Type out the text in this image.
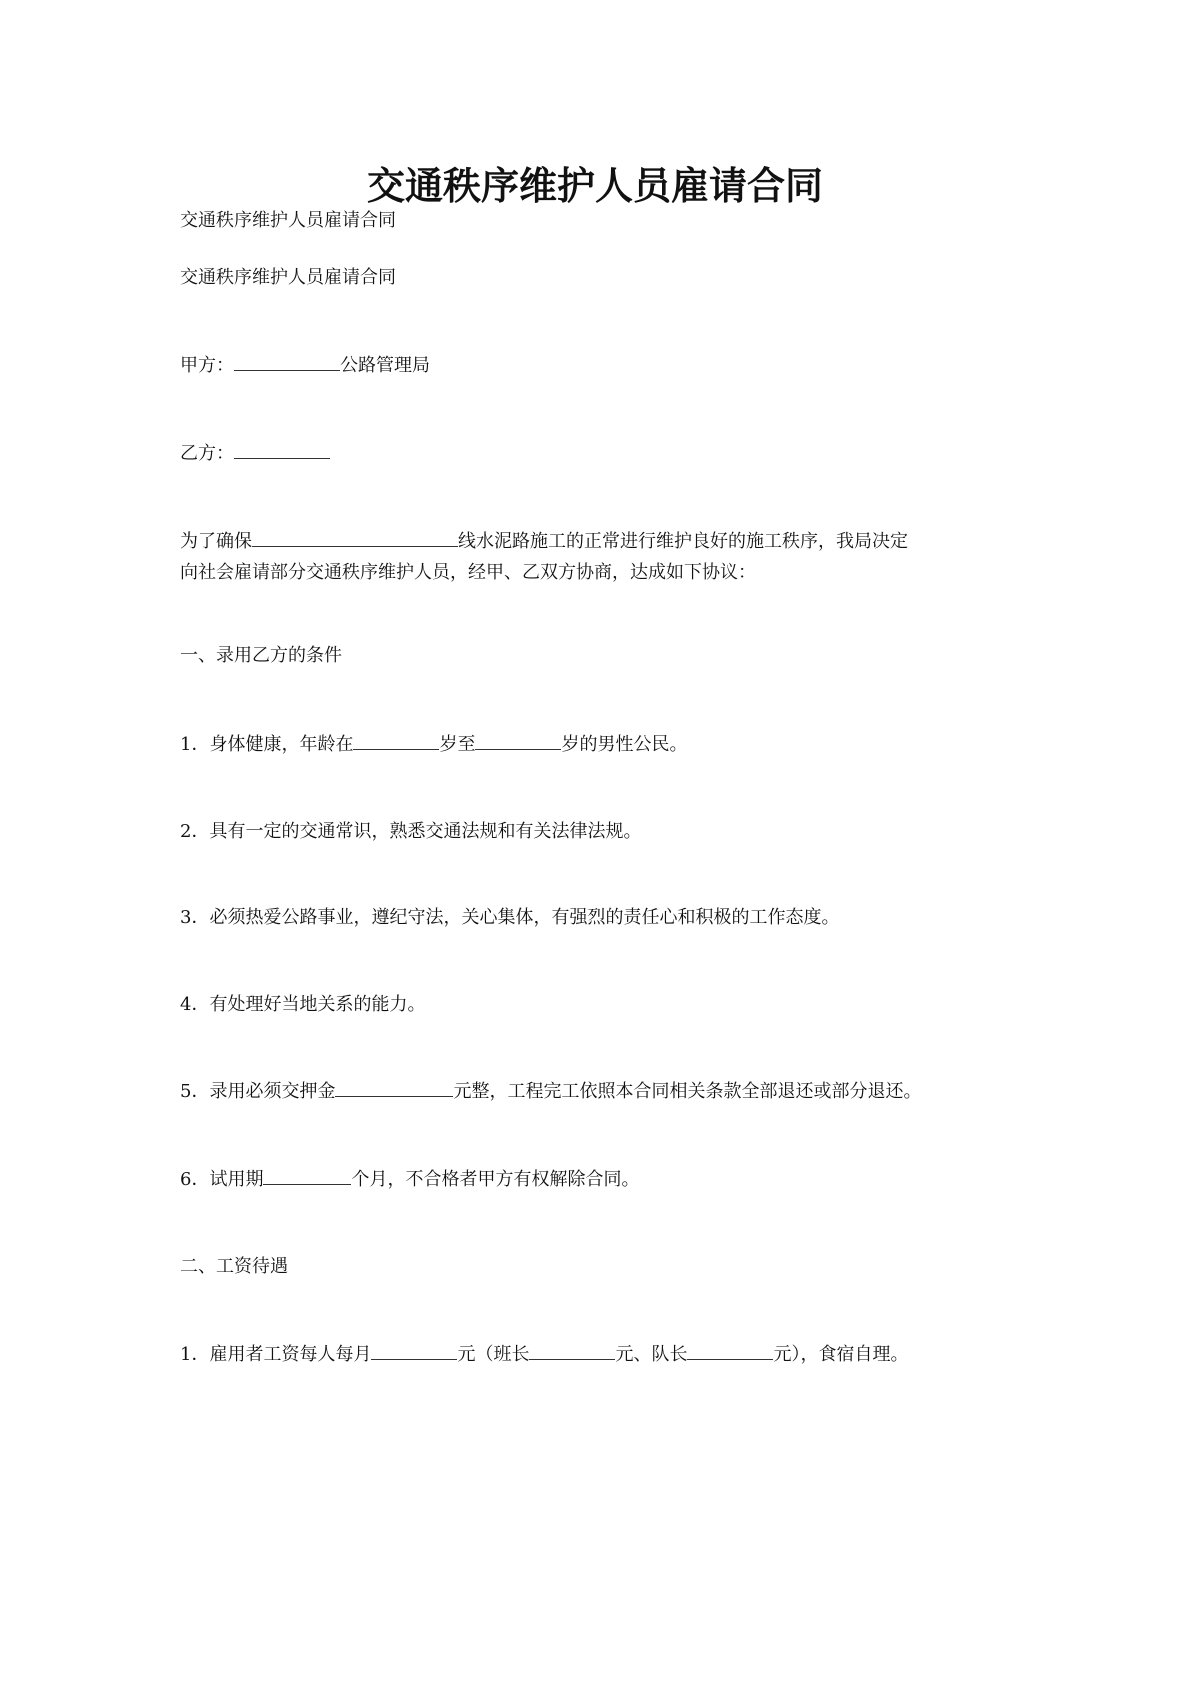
交通秩序维护人员雇请合同
交通秩序维护人员雇请合同
交通秩序维护人员雇请合同
甲方：	公路管理局
乙方：
为了确保	线水泥路施工的正常进行维护良好的施工秩序，我局决定
向社会雇请部分交通秩序维护人员，经甲、乙双方协商，达成如下协议：
一、录用乙方的条件
1．身体健康，年龄在	岁至	岁的男性公民。
2．具有一定的交通常识，熟悉交通法规和有关法律法规。
3．必须热爱公路事业，遵纪守法，关心集体，有强烈的责任心和积极的工作态度。
4．有处理好当地关系的能力。
5．录用必须交押金	元整，工程完工依照本合同相关条款全部退还或部分退还。
6．试用期	个月，不合格者甲方有权解除合同。
二、工资待遇
1．雇用者工资每人每月	元（班长	元、队长	元），食宿自理。
